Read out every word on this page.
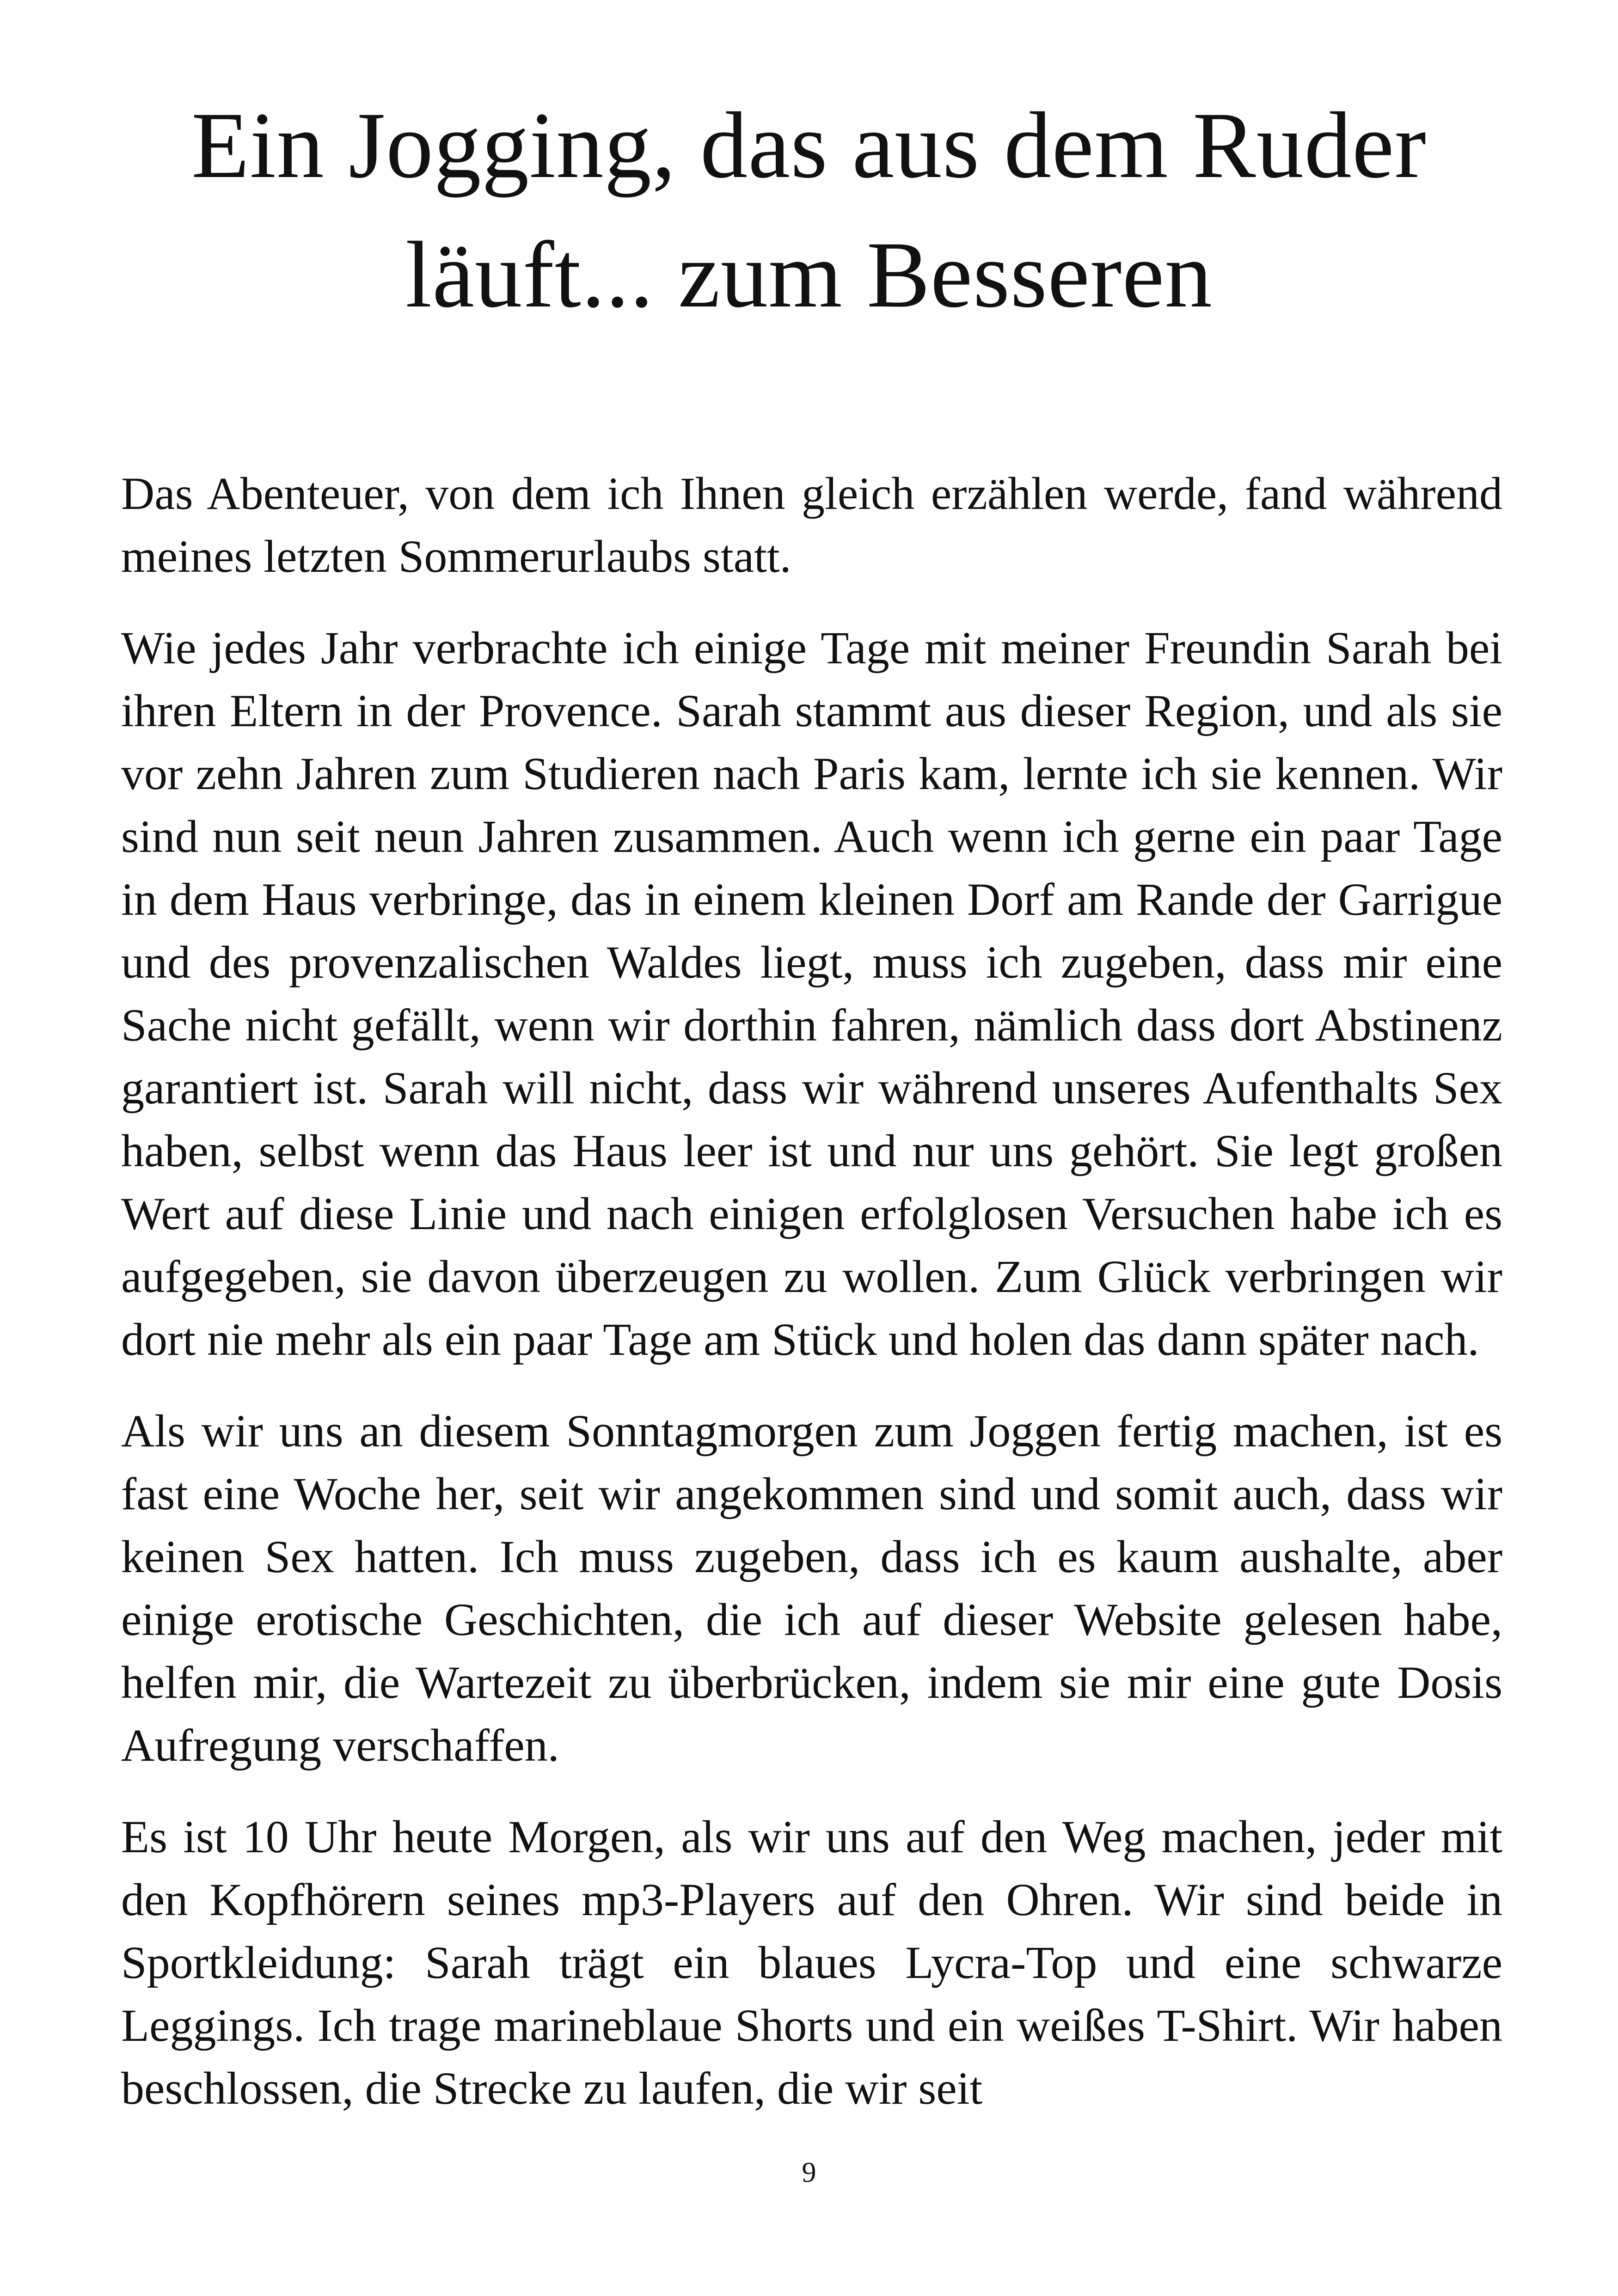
Ein Jogging, das aus dem Ruder
läuft... zum Besseren

Das Abenteuer, von dem ich Ihnen gleich erzählen werde, fand während meines letzten Sommerurlaubs statt.

Wie jedes Jahr verbrachte ich einige Tage mit meiner Freundin Sarah bei ihren Eltern in der Provence. Sarah stammt aus dieser Region, und als sie vor zehn Jahren zum Studieren nach Paris kam, lernte ich sie kennen. Wir sind nun seit neun Jahren zusammen. Auch wenn ich gerne ein paar Tage in dem Haus verbringe, das in einem kleinen Dorf am Rande der Garrigue und des provenzalischen Waldes liegt, muss ich zugeben, dass mir eine Sache nicht gefällt, wenn wir dorthin fahren, nämlich dass dort Abstinenz garantiert ist. Sarah will nicht, dass wir während unseres Aufenthalts Sex haben, selbst wenn das Haus leer ist und nur uns gehört. Sie legt großen Wert auf diese Linie und nach einigen erfolglosen Versuchen habe ich es aufgegeben, sie davon überzeugen zu wollen. Zum Glück verbringen wir dort nie mehr als ein paar Tage am Stück und holen das dann später nach.

Als wir uns an diesem Sonntagmorgen zum Joggen fertig machen, ist es fast eine Woche her, seit wir angekommen sind und somit auch, dass wir keinen Sex hatten. Ich muss zugeben, dass ich es kaum aushalte, aber einige erotische Geschichten, die ich auf dieser Website gelesen habe, helfen mir, die Wartezeit zu überbrücken, indem sie mir eine gute Dosis Aufregung verschaffen.

Es ist 10 Uhr heute Morgen, als wir uns auf den Weg machen, jeder mit den Kopfhörern seines mp3-Players auf den Ohren. Wir sind beide in Sportkleidung: Sarah trägt ein blaues Lycra-Top und eine schwarze Leggings. Ich trage marineblaue Shorts und ein weißes T-Shirt. Wir haben beschlossen, die Strecke zu laufen, die wir seit

9
